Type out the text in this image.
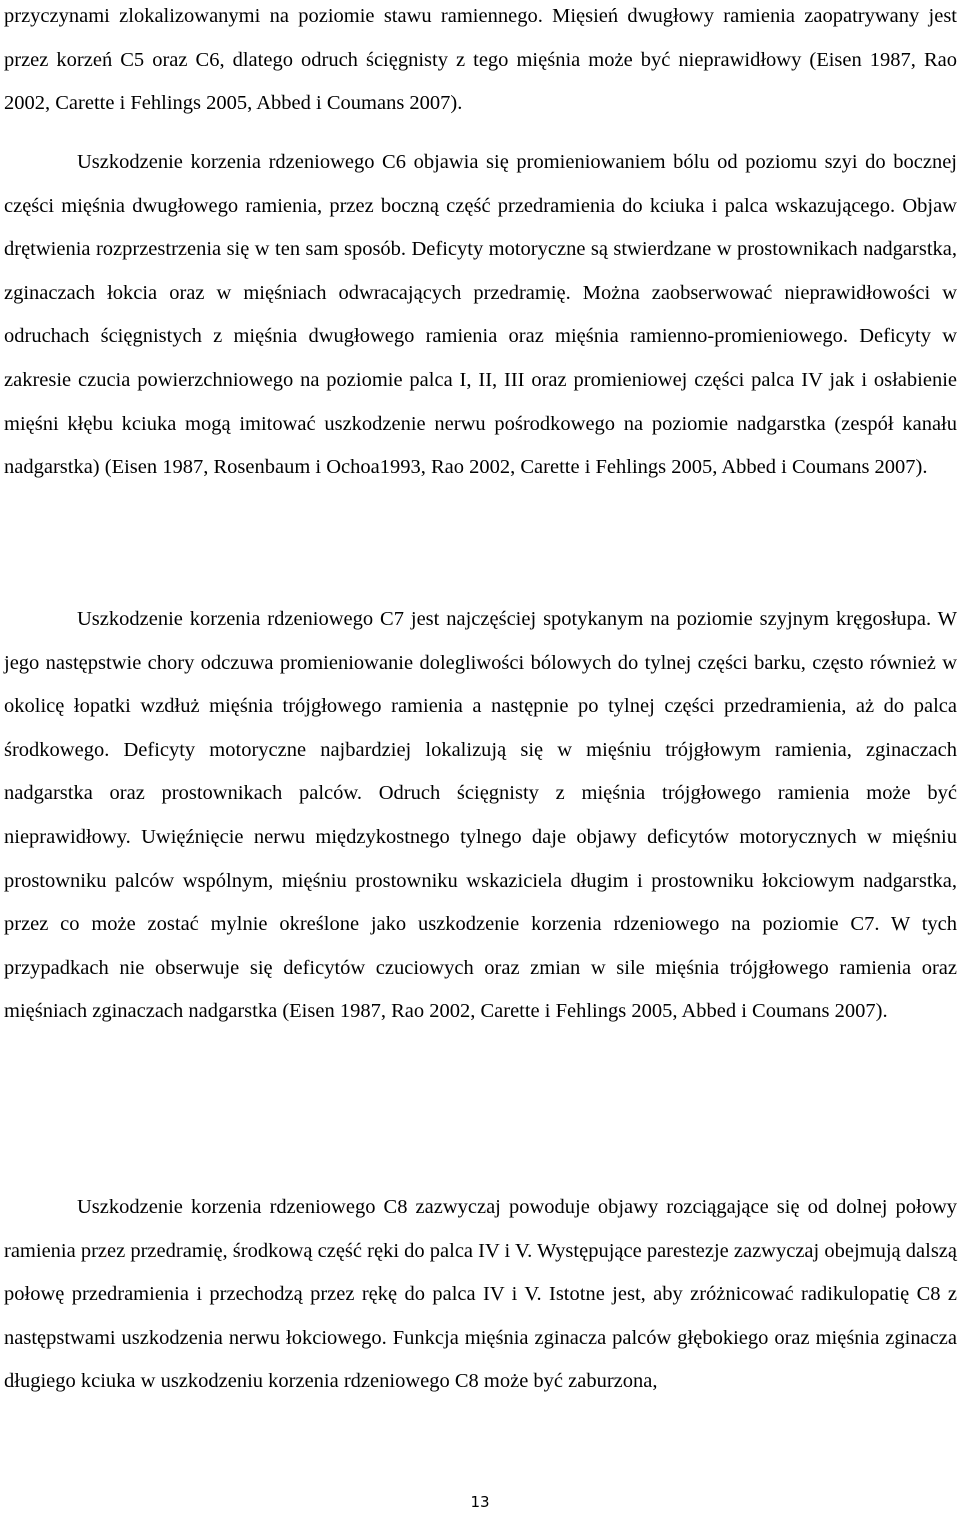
przyczynami zlokalizowanymi na poziomie stawu ramiennego. Mięsień dwugłowy ramienia zaopatrywany jest przez korzeń C5 oraz C6, dlatego odruch ścięgnisty z tego mięśnia może być nieprawidłowy (Eisen 1987, Rao 2002, Carette i Fehlings 2005, Abbed i Coumans 2007).

Uszkodzenie korzenia rdzeniowego C6 objawia się promieniowaniem bólu od poziomu szyi do bocznej części mięśnia dwugłowego ramienia, przez boczną część przedramienia do kciuka i palca wskazującego. Objaw drętwienia rozprzestrzenia się w ten sam sposób. Deficyty motoryczne są stwierdzane w prostownikach nadgarstka, zginaczach łokcia oraz w mięśniach odwracających przedramię. Można zaobserwować nieprawidłowości w odruchach ścięgnistych z mięśnia dwugłowego ramienia oraz mięśnia ramienno-promieniowego. Deficyty w zakresie czucia powierzchniowego na poziomie palca I, II, III oraz promieniowej części palca IV jak i osłabienie mięśni kłębu kciuka mogą imitować uszkodzenie nerwu pośrodkowego na poziomie nadgarstka (zespół kanału nadgarstka) (Eisen 1987, Rosenbaum i Ochoa1993, Rao 2002, Carette i Fehlings 2005, Abbed i Coumans 2007).

Uszkodzenie korzenia rdzeniowego C7 jest najczęściej spotykanym na poziomie szyjnym kręgosłupa. W jego następstwie chory odczuwa promieniowanie dolegliwości bólowych do tylnej części barku, często również w okolicę łopatki wzdłuż mięśnia trójgłowego ramienia a następnie po tylnej części przedramienia, aż do palca środkowego. Deficyty motoryczne najbardziej lokalizują się w mięśniu trójgłowym ramienia, zginaczach nadgarstka oraz prostownikach palców. Odruch ścięgnisty z mięśnia trójgłowego ramienia może być nieprawidłowy. Uwięźnięcie nerwu międzykostnego tylnego daje objawy deficytów motorycznych w mięśniu prostowniku palców wspólnym, mięśniu prostowniku wskaziciela długim i prostowniku łokciowym nadgarstka, przez co może zostać mylnie określone jako uszkodzenie korzenia rdzeniowego na poziomie C7. W tych przypadkach nie obserwuje się deficytów czuciowych oraz zmian w sile mięśnia trójgłowego ramienia oraz mięśniach zginaczach nadgarstka (Eisen 1987, Rao 2002, Carette i Fehlings 2005, Abbed i Coumans 2007).

Uszkodzenie korzenia rdzeniowego C8 zazwyczaj powoduje objawy rozciągające się od dolnej połowy ramienia przez przedramię, środkową część ręki do palca IV i V. Występujące parestezje zazwyczaj obejmują dalszą połowę przedramienia i przechodzą przez rękę do palca IV i V. Istotne jest, aby zróżnicować radikulopatię C8 z następstwami uszkodzenia nerwu łokciowego. Funkcja mięśnia zginacza palców głębokiego oraz mięśnia zginacza długiego kciuka w uszkodzeniu korzenia rdzeniowego C8 może być zaburzona,

13
